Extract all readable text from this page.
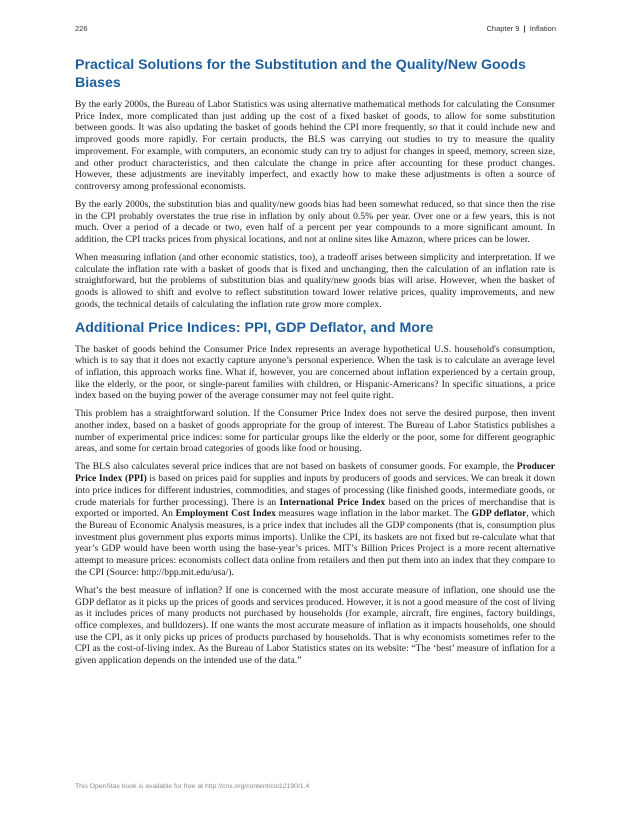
226	Chapter 9 | Inflation
Practical Solutions for the Substitution and the Quality/New Goods Biases

By the early 2000s, the Bureau of Labor Statistics was using alternative mathematical methods for calculating the Consumer Price Index, more complicated than just adding up the cost of a fixed basket of goods, to allow for some substitution between goods. It was also updating the basket of goods behind the CPI more frequently, so that it could include new and improved goods more rapidly. For certain products, the BLS was carrying out studies to try to measure the quality improvement. For example, with computers, an economic study can try to adjust for changes in speed, memory, screen size, and other product characteristics, and then calculate the change in price after accounting for these product changes. However, these adjustments are inevitably imperfect, and exactly how to make these adjustments is often a source of controversy among professional economists.

By the early 2000s, the substitution bias and quality/new goods bias had been somewhat reduced, so that since then the rise in the CPI probably overstates the true rise in inflation by only about 0.5% per year. Over one or a few years, this is not much. Over a period of a decade or two, even half of a percent per year compounds to a more significant amount. In addition, the CPI tracks prices from physical locations, and not at online sites like Amazon, where prices can be lower.

When measuring inflation (and other economic statistics, too), a tradeoff arises between simplicity and interpretation. If we calculate the inflation rate with a basket of goods that is fixed and unchanging, then the calculation of an inflation rate is straightforward, but the problems of substitution bias and quality/new goods bias will arise. However, when the basket of goods is allowed to shift and evolve to reflect substitution toward lower relative prices, quality improvements, and new goods, the technical details of calculating the inflation rate grow more complex.

Additional Price Indices: PPI, GDP Deflator, and More

The basket of goods behind the Consumer Price Index represents an average hypothetical U.S. household's consumption, which is to say that it does not exactly capture anyone’s personal experience. When the task is to calculate an average level of inflation, this approach works fine. What if, however, you are concerned about inflation experienced by a certain group, like the elderly, or the poor, or single-parent families with children, or Hispanic-Americans? In specific situations, a price index based on the buying power of the average consumer may not feel quite right.

This problem has a straightforward solution. If the Consumer Price Index does not serve the desired purpose, then invent another index, based on a basket of goods appropriate for the group of interest. The Bureau of Labor Statistics publishes a number of experimental price indices: some for particular groups like the elderly or the poor, some for different geographic areas, and some for certain broad categories of goods like food or housing.

The BLS also calculates several price indices that are not based on baskets of consumer goods. For example, the Producer Price Index (PPI) is based on prices paid for supplies and inputs by producers of goods and services. We can break it down into price indices for different industries, commodities, and stages of processing (like finished goods, intermediate goods, or crude materials for further processing). There is an International Price Index based on the prices of merchandise that is exported or imported. An Employment Cost Index measures wage inflation in the labor market. The GDP deflator, which the Bureau of Economic Analysis measures, is a price index that includes all the GDP components (that is, consumption plus investment plus government plus exports minus imports). Unlike the CPI, its baskets are not fixed but re-calculate what that year’s GDP would have been worth using the base-year’s prices. MIT’s Billion Prices Project is a more recent alternative attempt to measure prices: economists collect data online from retailers and then put them into an index that they compare to the CPI (Source: http://bpp.mit.edu/usa/).

What’s the best measure of inflation? If one is concerned with the most accurate measure of inflation, one should use the GDP deflator as it picks up the prices of goods and services produced. However, it is not a good measure of the cost of living as it includes prices of many products not purchased by households (for example, aircraft, fire engines, factory buildings, office complexes, and bulldozers). If one wants the most accurate measure of inflation as it impacts households, one should use the CPI, as it only picks up prices of products purchased by households. That is why economists sometimes refer to the CPI as the cost-of-living index. As the Bureau of Labor Statistics states on its website: “The ‘best’ measure of inflation for a given application depends on the intended use of the data.”

This OpenStax book is available for free at http://cnx.org/content/col12190/1.4
